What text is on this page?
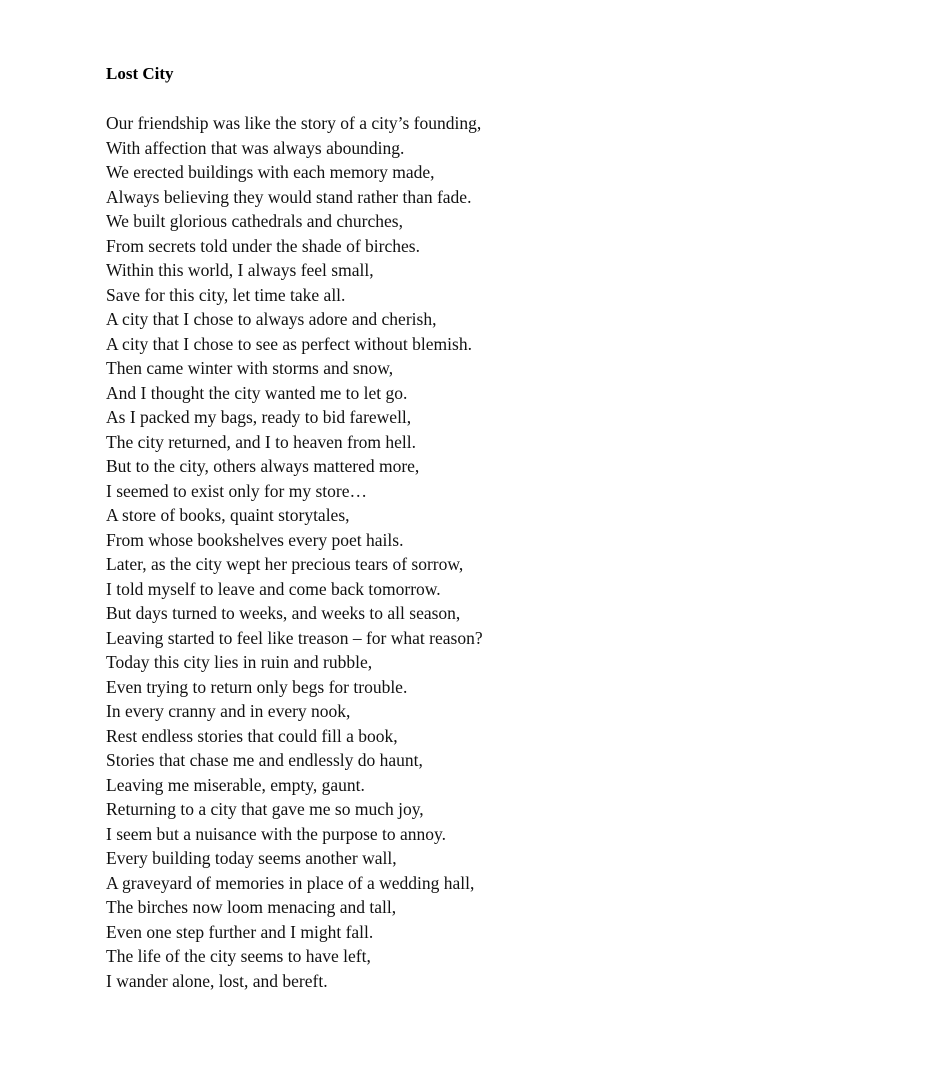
Lost City
Our friendship was like the story of a city’s founding,
With affection that was always abounding.
We erected buildings with each memory made,
Always believing they would stand rather than fade.
We built glorious cathedrals and churches,
From secrets told under the shade of birches.
Within this world, I always feel small,
Save for this city, let time take all.
A city that I chose to always adore and cherish,
A city that I chose to see as perfect without blemish.
Then came winter with storms and snow,
And I thought the city wanted me to let go.
As I packed my bags, ready to bid farewell,
The city returned, and I to heaven from hell.
But to the city, others always mattered more,
I seemed to exist only for my store…
A store of books, quaint storytales,
From whose bookshelves every poet hails.
Later, as the city wept her precious tears of sorrow,
I told myself to leave and come back tomorrow.
But days turned to weeks, and weeks to all season,
Leaving started to feel like treason – for what reason?
Today this city lies in ruin and rubble,
Even trying to return only begs for trouble.
In every cranny and in every nook,
Rest endless stories that could fill a book,
Stories that chase me and endlessly do haunt,
Leaving me miserable, empty, gaunt.
Returning to a city that gave me so much joy,
I seem but a nuisance with the purpose to annoy.
Every building today seems another wall,
A graveyard of memories in place of a wedding hall,
The birches now loom menacing and tall,
Even one step further and I might fall.
The life of the city seems to have left,
I wander alone, lost, and bereft.
